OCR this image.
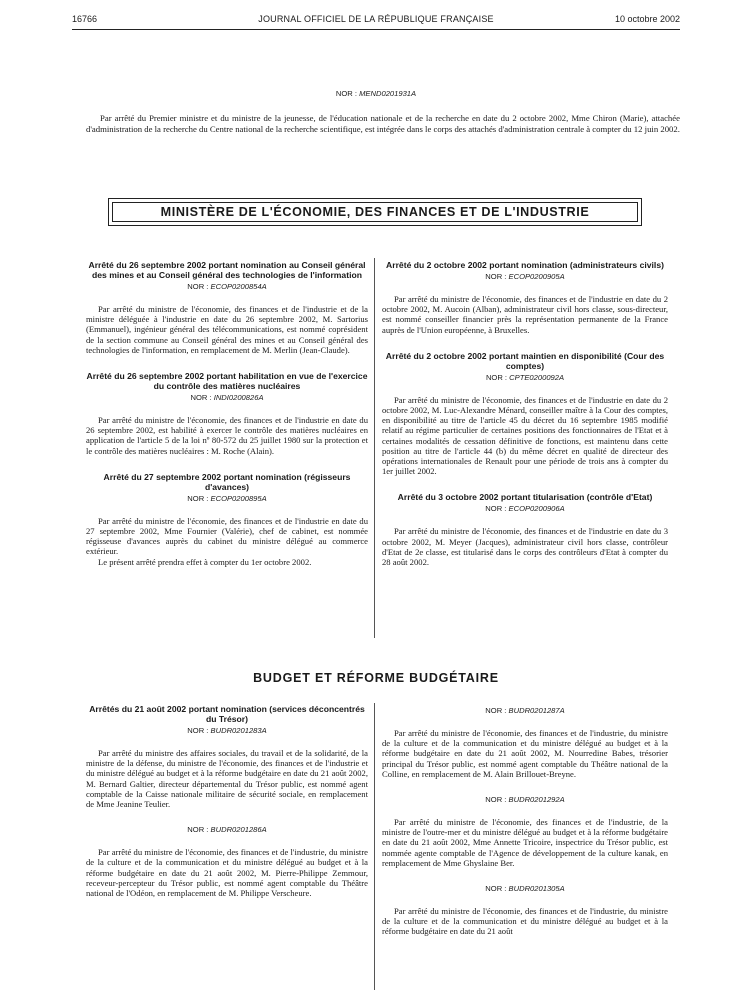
16766	JOURNAL OFFICIEL DE LA RÉPUBLIQUE FRANÇAISE	10 octobre 2002
NOR : MEND0201931A

Par arrêté du Premier ministre et du ministre de la jeunesse, de l'éducation nationale et de la recherche en date du 2 octobre 2002, Mme Chiron (Marie), attachée d'administration de la recherche du Centre national de la recherche scientifique, est intégrée dans le corps des attachés d'administration centrale à compter du 12 juin 2002.

MINISTÈRE DE L'ÉCONOMIE, DES FINANCES ET DE L'INDUSTRIE
Arrêté du 26 septembre 2002 portant nomination au Conseil général des mines et au Conseil général des technologies de l'information
NOR : ECOP0200854A

Par arrêté du ministre de l'économie, des finances et de l'industrie et de la ministre déléguée à l'industrie en date du 26 septembre 2002, M. Sartorius (Emmanuel), ingénieur général des télécommunications, est nommé coprésident de la section commune au Conseil général des mines et au Conseil général des technologies de l'information, en remplacement de M. Merlin (Jean-Claude).

Arrêté du 26 septembre 2002 portant habilitation en vue de l'exercice du contrôle des matières nucléaires
NOR : INDI0200826A

Par arrêté du ministre de l'économie, des finances et de l'industrie en date du 26 septembre 2002, est habilité à exercer le contrôle des matières nucléaires en application de l'article 5 de la loi nº 80-572 du 25 juillet 1980 sur la protection et le contrôle des matières nucléaires : M. Roche (Alain).

Arrêté du 27 septembre 2002 portant nomination (régisseurs d'avances)
NOR : ECOP0200895A

Par arrêté du ministre de l'économie, des finances et de l'industrie en date du 27 septembre 2002, Mme Fournier (Valérie), chef de cabinet, est nommée régisseuse d'avances auprès du cabinet du ministre délégué au commerce extérieur.

Le présent arrêté prendra effet à compter du 1er octobre 2002.

Arrêté du 2 octobre 2002 portant nomination (administrateurs civils)
NOR : ECOP0200905A

Par arrêté du ministre de l'économie, des finances et de l'industrie en date du 2 octobre 2002, M. Aucoin (Alban), administrateur civil hors classe, sous-directeur, est nommé conseiller financier près la représentation permanente de la France auprès de l'Union européenne, à Bruxelles.

Arrêté du 2 octobre 2002 portant maintien en disponibilité (Cour des comptes)
NOR : CPTE0200092A

Par arrêté du ministre de l'économie, des finances et de l'industrie en date du 2 octobre 2002, M. Luc-Alexandre Ménard, conseiller maître à la Cour des comptes, en disponibilité au titre de l'article 45 du décret du 16 septembre 1985 modifié relatif au régime particulier de certaines positions des fonctionnaires de l'Etat et à certaines modalités de cessation définitive de fonctions, est maintenu dans cette position au titre de l'article 44 (b) du même décret en qualité de directeur des opérations internationales de Renault pour une période de trois ans à compter du 1er juillet 2002.

Arrêté du 3 octobre 2002 portant titularisation (contrôle d'Etat)
NOR : ECOP0200906A

Par arrêté du ministre de l'économie, des finances et de l'industrie en date du 3 octobre 2002, M. Meyer (Jacques), administrateur civil hors classe, contrôleur d'Etat de 2e classe, est titularisé dans le corps des contrôleurs d'Etat à compter du 28 août 2002.

BUDGET ET RÉFORME BUDGÉTAIRE
Arrêtés du 21 août 2002 portant nomination (services déconcentrés du Trésor)
NOR : BUDR0201283A

Par arrêté du ministre des affaires sociales, du travail et de la solidarité, de la ministre de la défense, du ministre de l'économie, des finances et de l'industrie et du ministre délégué au budget et à la réforme budgétaire en date du 21 août 2002, M. Bernard Galtier, directeur départemental du Trésor public, est nommé agent comptable de la Caisse nationale militaire de sécurité sociale, en remplacement de Mme Jeanine Teulier.

NOR : BUDR0201286A

Par arrêté du ministre de l'économie, des finances et de l'industrie, du ministre de la culture et de la communication et du ministre délégué au budget et à la réforme budgétaire en date du 21 août 2002, M. Pierre-Philippe Zemmour, receveur-percepteur du Trésor public, est nommé agent comptable du Théâtre national de l'Odéon, en remplacement de M. Philippe Verscheure.

NOR : BUDR0201287A

Par arrêté du ministre de l'économie, des finances et de l'industrie, du ministre de la culture et de la communication et du ministre délégué au budget et à la réforme budgétaire en date du 21 août 2002, M. Nourredine Babes, trésorier principal du Trésor public, est nommé agent comptable du Théâtre national de la Colline, en remplacement de M. Alain Brillouet-Breyne.

NOR : BUDR0201292A

Par arrêté du ministre de l'économie, des finances et de l'industrie, de la ministre de l'outre-mer et du ministre délégué au budget et à la réforme budgétaire en date du 21 août 2002, Mme Annette Tricoire, inspectrice du Trésor public, est nommée agente comptable de l'Agence de développement de la culture kanak, en remplacement de Mme Ghyslaine Ber.

NOR : BUDR0201305A

Par arrêté du ministre de l'économie, des finances et de l'industrie, du ministre de la culture et de la communication et du ministre délégué au budget et à la réforme budgétaire en date du 21 août
